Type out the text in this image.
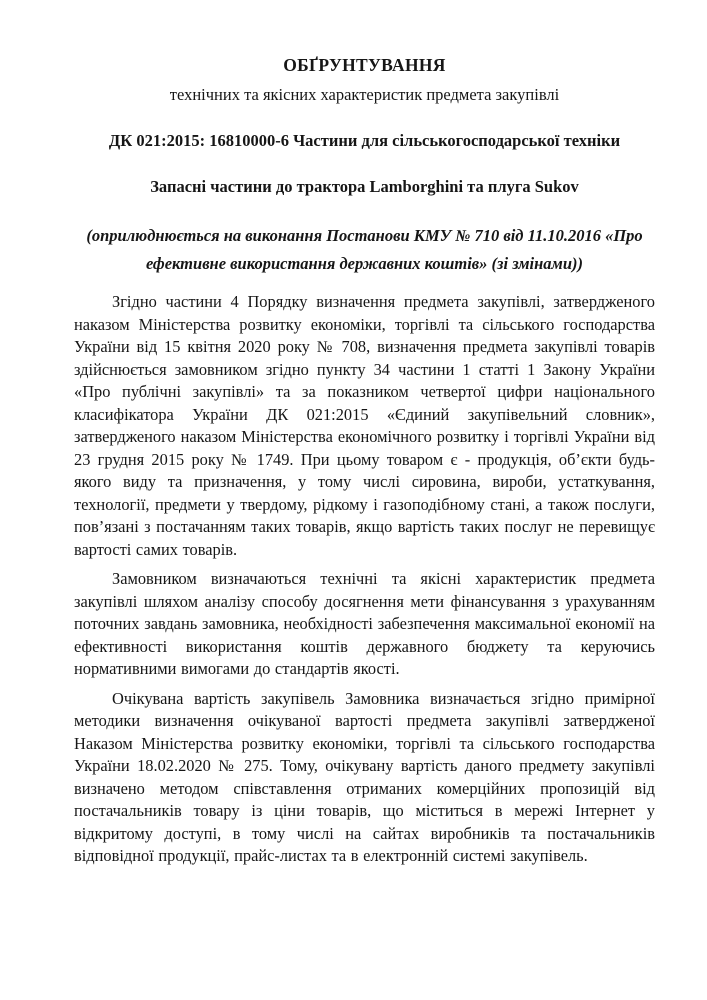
ОБҐРУНТУВАННЯ
технічних та якісних характеристик предмета закупівлі
ДК 021:2015: 16810000-6 Частини для сільськогосподарської техніки
Запасні частини до трактора Lamborghini та плуга Sukov
(оприлюднюється на виконання Постанови КМУ № 710 від 11.10.2016 «Про ефективне використання державних коштів» (зі змінами))

Згідно частини 4 Порядку визначення предмета закупівлі, затвердженого наказом Міністерства розвитку економіки, торгівлі та сільського господарства України від 15 квітня 2020 року № 708, визначення предмета закупівлі товарів здійснюється замовником згідно пункту 34 частини 1 статті 1 Закону України «Про публічні закупівлі» та за показником четвертої цифри національного класифікатора України ДК 021:2015 «Єдиний закупівельний словник», затвердженого наказом Міністерства економічного розвитку і торгівлі України від 23 грудня 2015 року № 1749. При цьому товаром є - продукція, об’єкти будь-якого виду та призначення, у тому числі сировина, вироби, устаткування, технології, предмети у твердому, рідкому і газоподібному стані, а також послуги, пов’язані з постачанням таких товарів, якщо вартість таких послуг не перевищує вартості самих товарів.

Замовником визначаються технічні та якісні характеристик предмета закупівлі шляхом аналізу способу досягнення мети фінансування з урахуванням поточних завдань замовника, необхідності забезпечення максимальної економії на ефективності використання коштів державного бюджету та керуючись нормативними вимогами до стандартів якості.

Очікувана вартість закупівель Замовника визначається згідно примірної методики визначення очікуваної вартості предмета закупівлі затвердженої Наказом Міністерства розвитку економіки, торгівлі та сільського господарства України 18.02.2020 № 275. Тому, очікувану вартість даного предмету закупівлі визначено методом співставлення отриманих комерційних пропозицій від постачальників товару із ціни товарів, що міститься в мережі Інтернет у відкритому доступі, в тому числі на сайтах виробників та постачальників відповідної продукції, прайс-листах та в електронній системі закупівель.
